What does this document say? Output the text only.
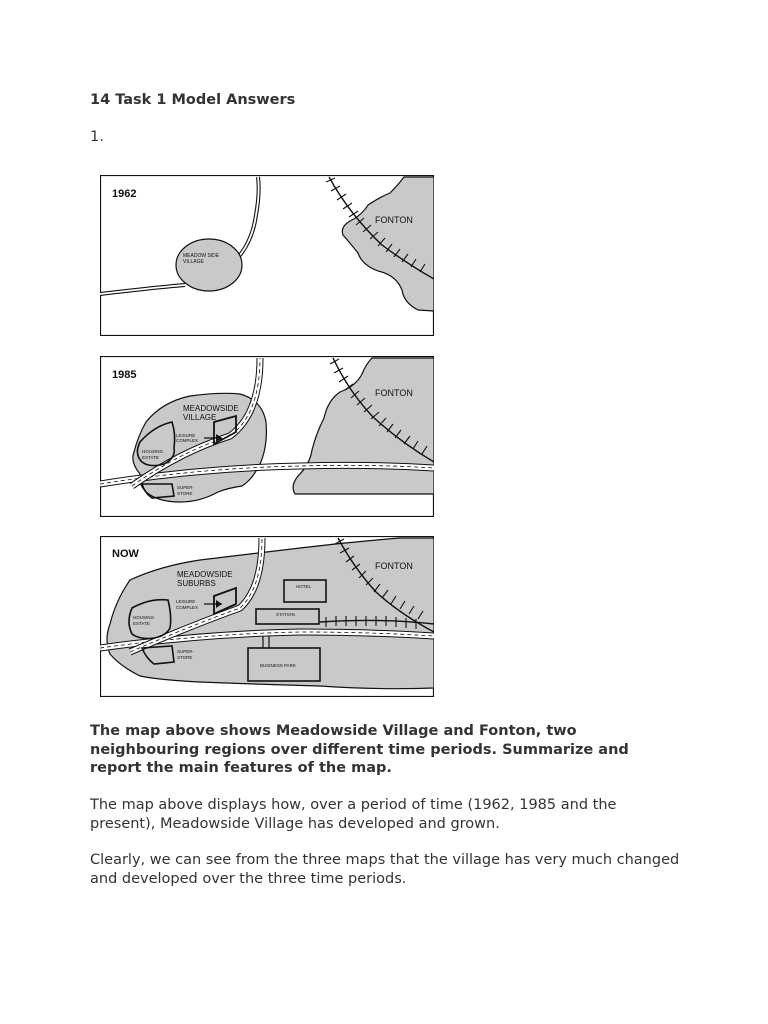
14 Task 1 Model Answers

1.

1962
MEADOW SIDE
VILLAGE
FONTON
1985
MEADOWSIDE
VILLAGE
LEISURE
COMPLEX
HOUSING
ESTATE
SUPER-
STORE
FONTON
NOW
MEADOWSIDE
SUBURBS
LEISURE
COMPLEX
HOUSING
ESTATE
SUPER-
STORE
HOTEL
STATION
BUSINESS PARK
FONTON

The map above shows Meadowside Village and Fonton, two neighbouring regions over different time periods. Summarize and report the main features of the map.

The map above displays how, over a period of time (1962, 1985 and the present), Meadowside Village has developed and grown.

Clearly, we can see from the three maps that the village has very much changed and developed over the three time periods.
